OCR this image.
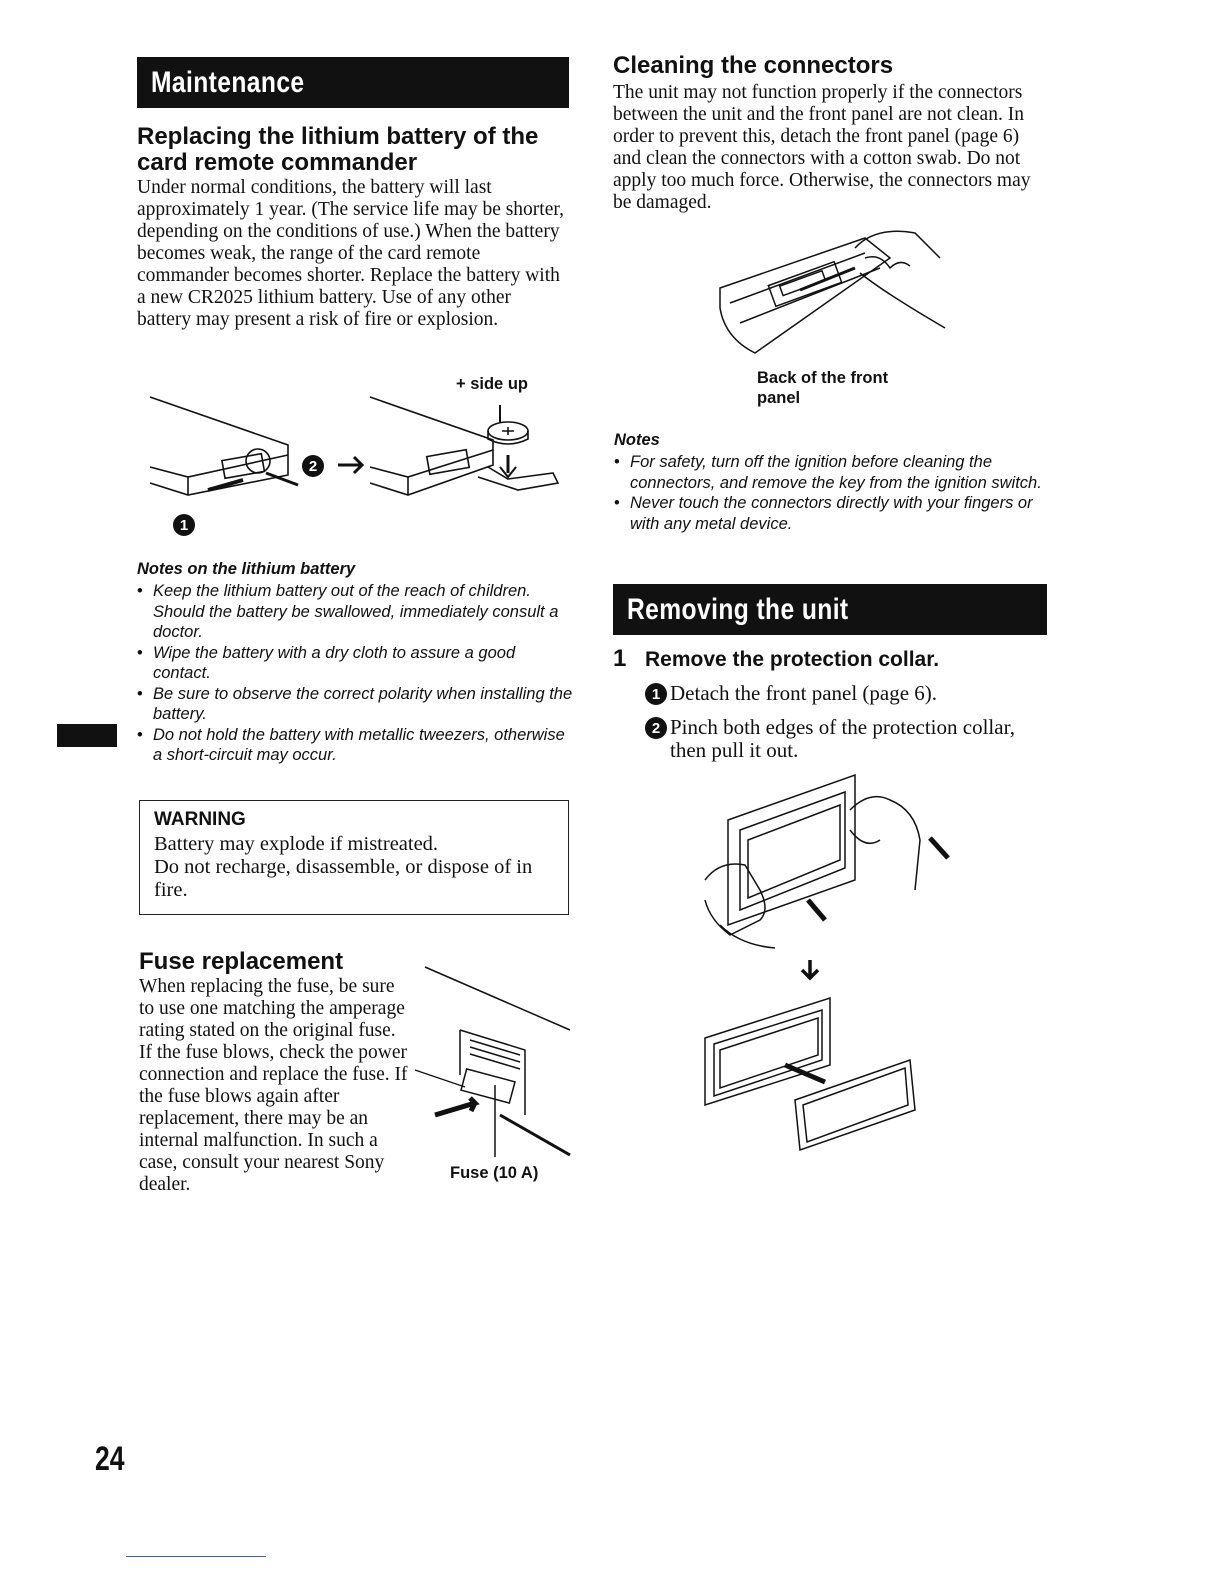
Maintenance
Replacing the lithium battery of the card remote commander

Under normal conditions, the battery will last approximately 1 year. (The service life may be shorter, depending on the conditions of use.) When the battery becomes weak, the range of the card remote commander becomes shorter. Replace the battery with a new CR2025 lithium battery. Use of any other battery may present a risk of fire or explosion.

+ side up
2
1

Notes on the lithium battery

• Keep the lithium battery out of the reach of children. Should the battery be swallowed, immediately consult a doctor.
• Wipe the battery with a dry cloth to assure a good contact.
• Be sure to observe the correct polarity when installing the battery.
• Do not hold the battery with metallic tweezers, otherwise a short-circuit may occur.

WARNING

Battery may explode if mistreated.

Do not recharge, disassemble, or dispose of in fire.

Fuse replacement

When replacing the fuse, be sure to use one matching the amperage rating stated on the original fuse. If the fuse blows, check the power connection and replace the fuse. If the fuse blows again after replacement, there may be an internal malfunction. In such a case, consult your nearest Sony dealer.

Fuse (10 A)
24
Cleaning the connectors

The unit may not function properly if the connectors between the unit and the front panel are not clean. In order to prevent this, detach the front panel (page 6) and clean the connectors with a cotton swab. Do not apply too much force. Otherwise, the connectors may be damaged.

Back of the front panel

Notes

• For safety, turn off the ignition before cleaning the connectors, and remove the key from the ignition switch.
• Never touch the connectors directly with your fingers or with any metal device.
Removing the unit
1 Remove the protection collar.
1 Detach the front panel (page 6).
2 Pinch both edges of the protection collar, then pull it out.
